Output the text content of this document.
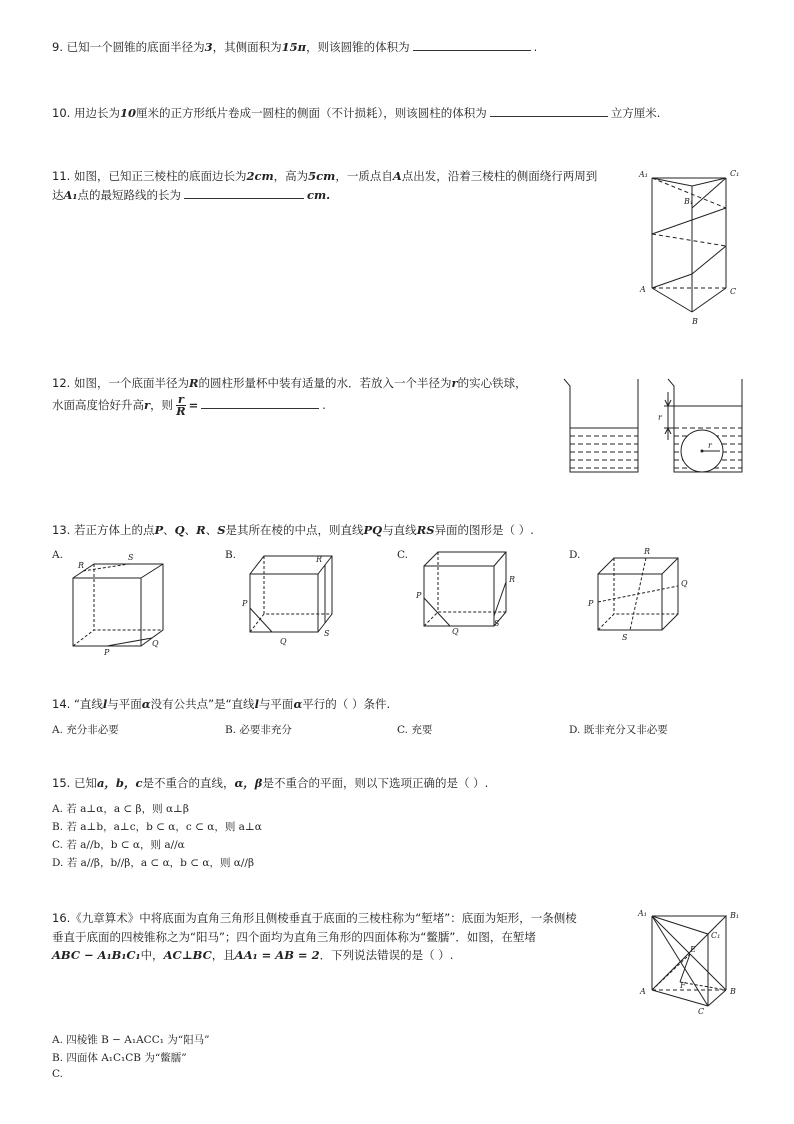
9. 已知一个圆锥的底面半径为3，其侧面积为15π，则该圆锥的体积为	.
10. 用边长为10厘米的正方形纸片卷成一圆柱的侧面（不计损耗），则该圆柱的体积为	立方厘米.
11. 如图，已知正三棱柱的底面边长为2cm，高为5cm，一质点自A点出发，沿着三棱柱的侧面绕行两周到
达A₁点的最短路线的长为	cm.
A₁	C₁
B₁
A	C
B
12. 如图，一个底面半径为R的圆柱形量杯中装有适量的水．若放入一个半径为r的实心铁球，
水面高度恰好升高r，则 $\frac{r}{R}$ =	.
r
r
13. 若正方体上的点P、Q、R、S是其所在棱的中点，则直线PQ与直线RS异面的图形是（ ）.
A.	B.	C.	D.
R
S
P
Q
P
Q
R
S
P
Q
R
S
P
Q
R
S
14. “直线l与平面α没有公共点”是“直线l与平面α平行的（ ）条件.
A. 充分非必要	B. 必要非充分	C. 充要	D. 既非充分又非必要
15. 已知a，b，c是不重合的直线，α，β是不重合的平面，则以下选项正确的是（ ）.
A. 若 a⊥α，a ⊂ β，则 α⊥β
B. 若 a⊥b，a⊥c，b ⊂ α，c ⊂ α，则 a⊥α
C. 若 a//b，b ⊂ α，则 a//α
D. 若 a//β，b//β，a ⊂ α，b ⊂ α，则 α//β
16.《九章算术》中将底面为直角三角形且侧棱垂直于底面的三棱柱称为“堑堵”：底面为矩形，一条侧棱
垂直于底面的四棱锥称之为“阳马”；四个面均为直角三角形的四面体称为“鳖臑”．如图，在堑堵
ABC − A₁B₁C₁中，AC⊥BC，且AA₁ = AB = 2．下列说法错误的是（ ）.
A₁	B₁
C₁
E
F
A	B
C
A. 四棱锥 B − A₁ACC₁ 为“阳马”
B. 四面体 A₁C₁CB 为“鳖臑”
C.
